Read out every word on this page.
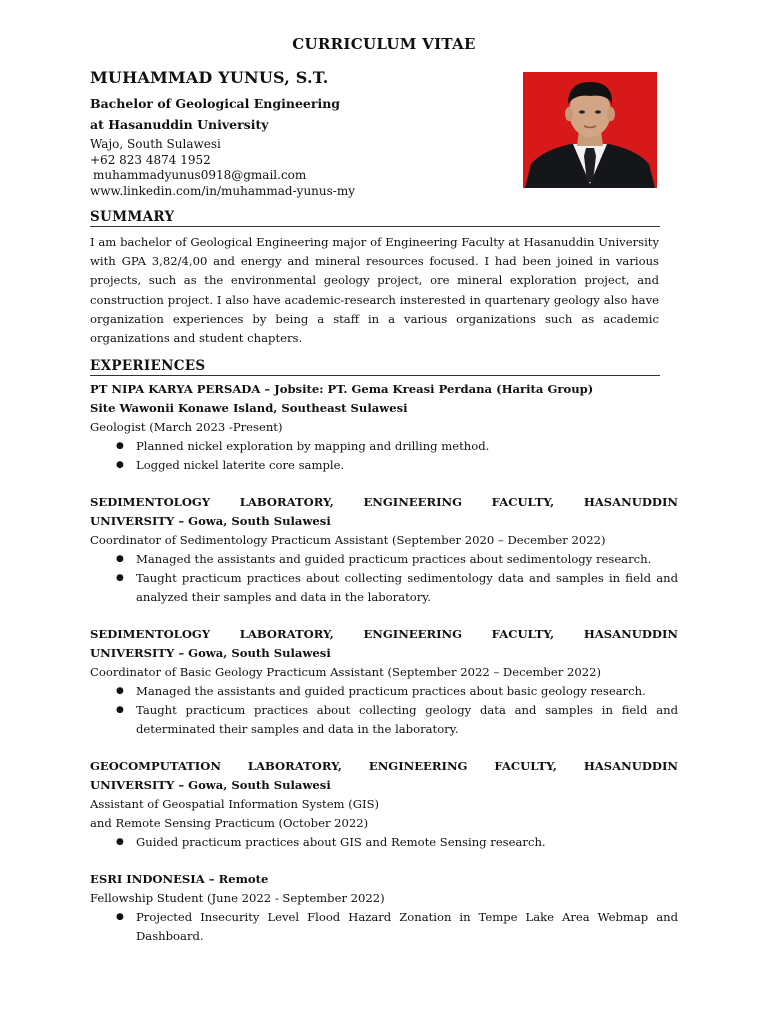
CURRICULUM VITAE
MUHAMMAD YUNUS, S.T.
Bachelor of Geological Engineering
at Hasanuddin University
Wajo, South Sulawesi
+62 823 4874 1952
muhammadyunus0918@gmail.com
www.linkedin.com/in/muhammad-yunus-my
SUMMARY
I am bachelor of Geological Engineering major of Engineering Faculty at Hasanuddin University with GPA 3,82/4,00 and energy and mineral resources focused. I had been joined in various projects, such as the environmental geology project, ore mineral exploration project, and construction project. I also have academic-research insterested in quartenary geology also have organization experiences by being a staff in a various organizations such as academic organizations and student chapters.
EXPERIENCES
PT NIPA KARYA PERSADA – Jobsite: PT. Gema Kreasi Perdana (Harita Group)
Site Wawonii Konawe Island, Southeast Sulawesi
Geologist (March 2023 -Present)
● Planned nickel exploration by mapping and drilling method.
● Logged nickel laterite core sample.
SEDIMENTOLOGY LABORATORY, ENGINEERING FACULTY, HASANUDDIN
UNIVERSITY – Gowa, South Sulawesi
Coordinator of Sedimentology Practicum Assistant (September 2020 – December 2022)
● Managed the assistants and guided practicum practices about sedimentology research.
● Taught practicum practices about collecting sedimentology data and samples in field and analyzed their samples and data in the laboratory.
SEDIMENTOLOGY LABORATORY, ENGINEERING FACULTY, HASANUDDIN
UNIVERSITY – Gowa, South Sulawesi
Coordinator of Basic Geology Practicum Assistant (September 2022 – December 2022)
● Managed the assistants and guided practicum practices about basic geology research.
● Taught practicum practices about collecting geology data and samples in field and determinated their samples and data in the laboratory.
GEOCOMPUTATION LABORATORY, ENGINEERING FACULTY, HASANUDDIN
UNIVERSITY – Gowa, South Sulawesi
Assistant of Geospatial Information System (GIS)
and Remote Sensing Practicum (October 2022)
● Guided practicum practices about GIS and Remote Sensing research.
ESRI INDONESIA – Remote
Fellowship Student (June 2022 - September 2022)
● Projected Insecurity Level Flood Hazard Zonation in Tempe Lake Area Webmap and Dashboard.
